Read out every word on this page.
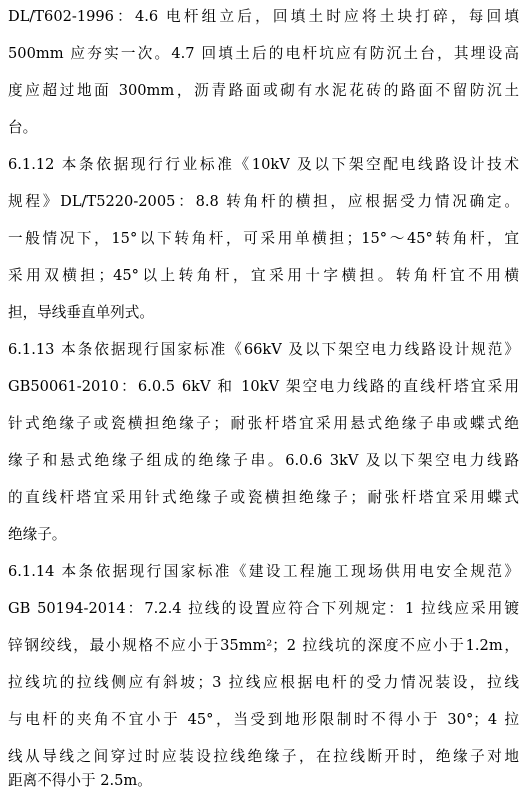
DL/T602-1996：4.6 电杆组立后，回填土时应将土块打碎，每回填
500mm 应夯实一次。4.7 回填土后的电杆坑应有防沉土台，其埋设高
度应超过地面 300mm，沥青路面或砌有水泥花砖的路面不留防沉土
台。
6.1.12 本条依据现行行业标准《10kV 及以下架空配电线路设计技术
规程》DL/T5220-2005：8.8 转角杆的横担，应根据受力情况确定。
一般情况下，15°以下转角杆，可采用单横担；15°～45°转角杆，宜
采用双横担；45°以上转角杆，宜采用十字横担。转角杆宜不用横
担，导线垂直单列式。
6.1.13 本条依据现行国家标准《66kV 及以下架空电力线路设计规范》
GB50061-2010：6.0.5 6kV 和 10kV 架空电力线路的直线杆塔宜采用
针式绝缘子或瓷横担绝缘子；耐张杆塔宜采用悬式绝缘子串或蝶式绝
缘子和悬式绝缘子组成的绝缘子串。6.0.6 3kV 及以下架空电力线路
的直线杆塔宜采用针式绝缘子或瓷横担绝缘子；耐张杆塔宜采用蝶式
绝缘子。
6.1.14 本条依据现行国家标准《建设工程施工现场供用电安全规范》
GB 50194-2014：7.2.4 拉线的设置应符合下列规定：1 拉线应采用镀
锌钢绞线，最小规格不应小于35mm²；2 拉线坑的深度不应小于1.2m，
拉线坑的拉线侧应有斜坡；3 拉线应根据电杆的受力情况装设，拉线
与电杆的夹角不宜小于 45°，当受到地形限制时不得小于 30°；4 拉
线从导线之间穿过时应装设拉线绝缘子，在拉线断开时，绝缘子对地
距离不得小于 2.5m。
